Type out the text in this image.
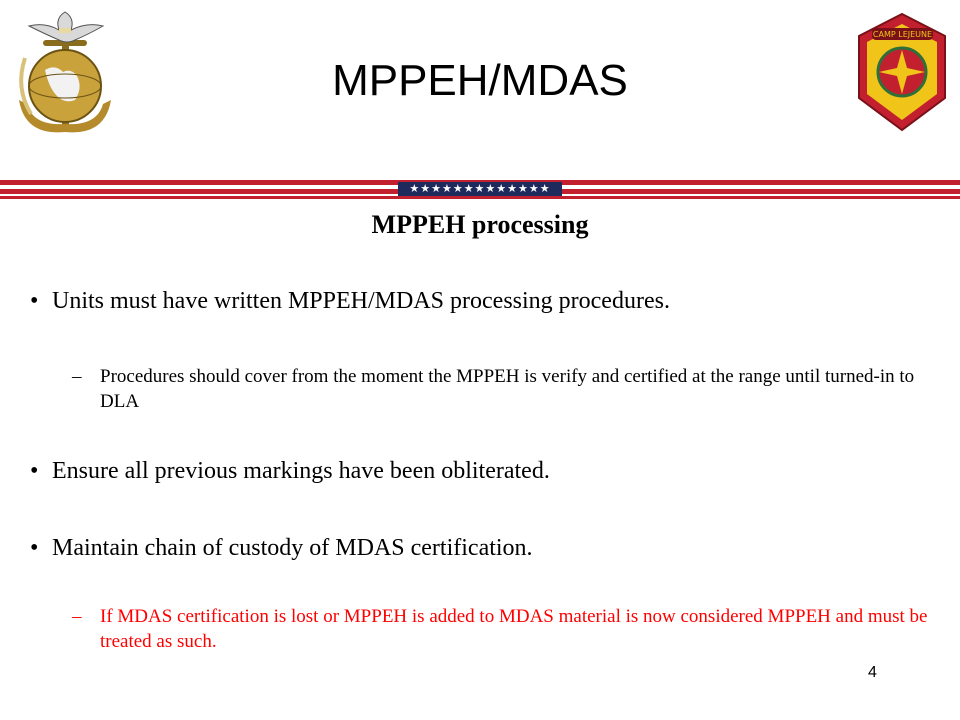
CAMP LEJEUNE
MPPEH/MDAS
★★★★★★★★★★★★★
MPPEH processing
• Units must have written MPPEH/MDAS processing procedures.
– Procedures should cover from the moment the MPPEH is verify and certified at the range until turned-in to DLA
• Ensure all previous markings have been obliterated.
• Maintain chain of custody of MDAS certification.
– If MDAS certification is lost or MPPEH is added to MDAS material is now considered MPPEH and must be treated as such.
4
